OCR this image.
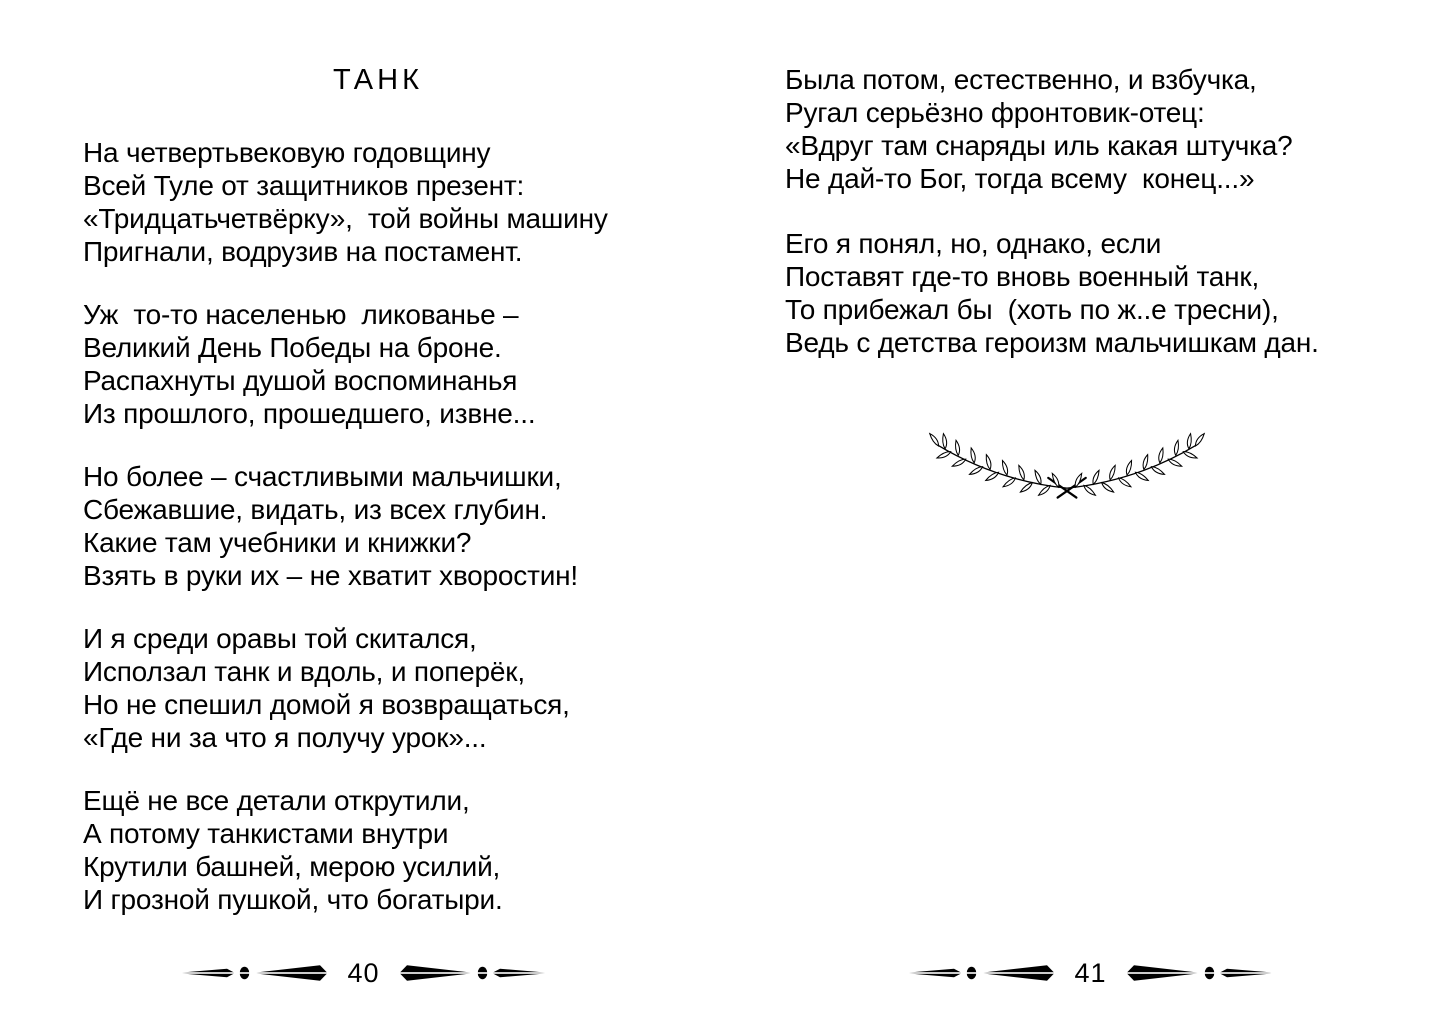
ТАНК
На четвертьвековую годовщину
Всей Туле от защитников презент:
«Тридцатьчетвёрку»,  той войны машину
Пригнали, водрузив на постамент.
Уж  то-то населенью  ликованье –
Великий День Победы на броне.
Распахнуты душой воспоминанья
Из прошлого, прошедшего, извне...
Но более – счастливыми мальчишки,
Сбежавшие, видать, из всех глубин.
Какие там учебники и книжки?
Взять в руки их – не хватит хворостин!
И я среди оравы той скитался,
Исползал танк и вдоль, и поперёк,
Но не спешил домой я возвращаться,
«Где ни за что я получу урок»...
Ещё не все детали открутили,
А потому танкистами внутри
Крутили башней, мерою усилий,
И грозной пушкой, что богатыри.
40
Была потом, естественно, и взбучка,
Ругал серьёзно фронтовик-отец:
«Вдруг там снаряды иль какая штучка?
Не дай-то Бог, тогда всему  конец...»
Его я понял, но, однако, если
Поставят где-то вновь военный танк,
То прибежал бы  (хоть по ж..е тресни),
Ведь с детства героизм мальчишкам дан.
41
